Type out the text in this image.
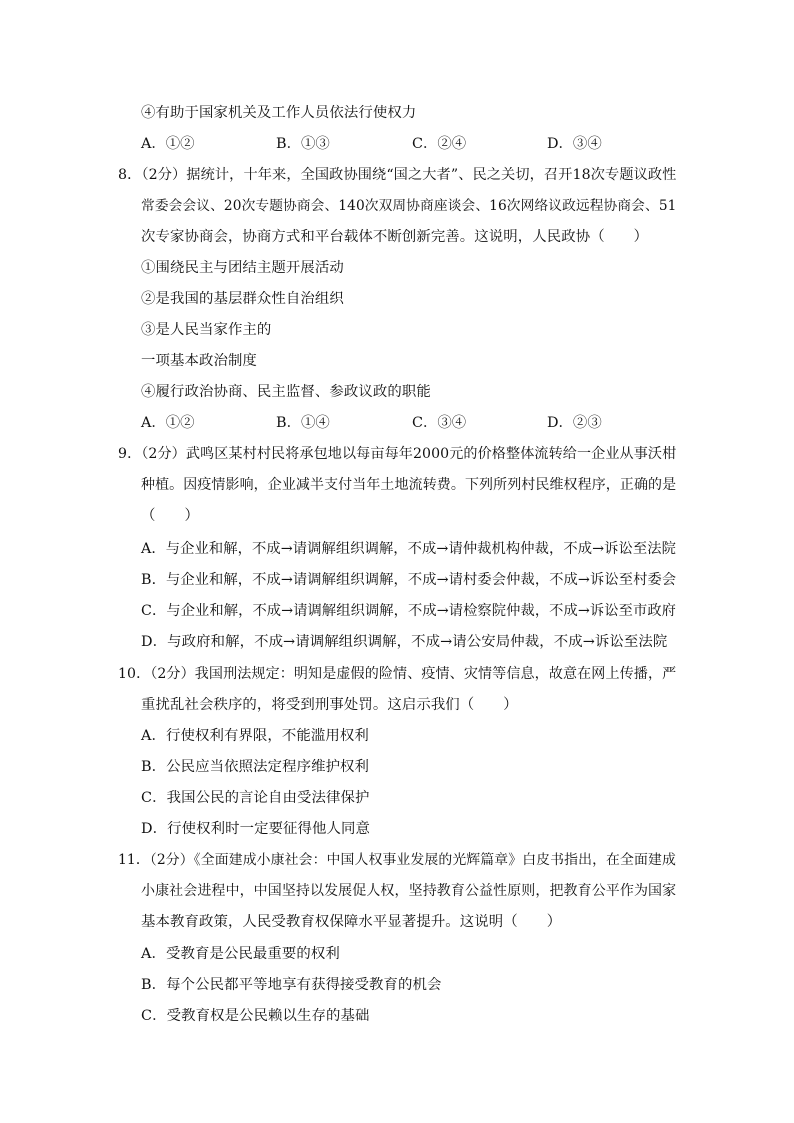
④有助于国家机关及工作人员依法行使权力
A．①②	B．①③	C．②④	D．③④
8．（2分）据统计，十年来，全国政协围绕“国之大者”、民之关切，召开18次专题议政性
常委会会议、20次专题协商会、140次双周协商座谈会、16次网络议政远程协商会、51
次专家协商会，协商方式和平台载体不断创新完善。这说明，人民政协（　　）
①围绕民主与团结主题开展活动
②是我国的基层群众性自治组织
③是人民当家作主的
一项基本政治制度
④履行政治协商、民主监督、参政议政的职能
A．①②	B．①④	C．③④	D．②③
9．（2分）武鸣区某村村民将承包地以每亩每年2000元的价格整体流转给一企业从事沃柑
种植。因疫情影响，企业减半支付当年土地流转费。下列所列村民维权程序，正确的是
（　　）
A．与企业和解，不成→请调解组织调解，不成→请仲裁机构仲裁，不成→诉讼至法院
B．与企业和解，不成→请调解组织调解，不成→请村委会仲裁，不成→诉讼至村委会
C．与企业和解，不成→请调解组织调解，不成→请检察院仲裁，不成→诉讼至市政府
D．与政府和解，不成→请调解组织调解，不成→请公安局仲裁，不成→诉讼至法院
10．（2分）我国刑法规定：明知是虚假的险情、疫情、灾情等信息，故意在网上传播，严
重扰乱社会秩序的，将受到刑事处罚。这启示我们（　　）
A．行使权利有界限，不能滥用权利
B．公民应当依照法定程序维护权利
C．我国公民的言论自由受法律保护
D．行使权利时一定要征得他人同意
11．（2分）《全面建成小康社会：中国人权事业发展的光辉篇章》白皮书指出，在全面建成
小康社会进程中，中国坚持以发展促人权，坚持教育公益性原则，把教育公平作为国家
基本教育政策，人民受教育权保障水平显著提升。这说明（　　）
A．受教育是公民最重要的权利
B．每个公民都平等地享有获得接受教育的机会
C．受教育权是公民赖以生存的基础
